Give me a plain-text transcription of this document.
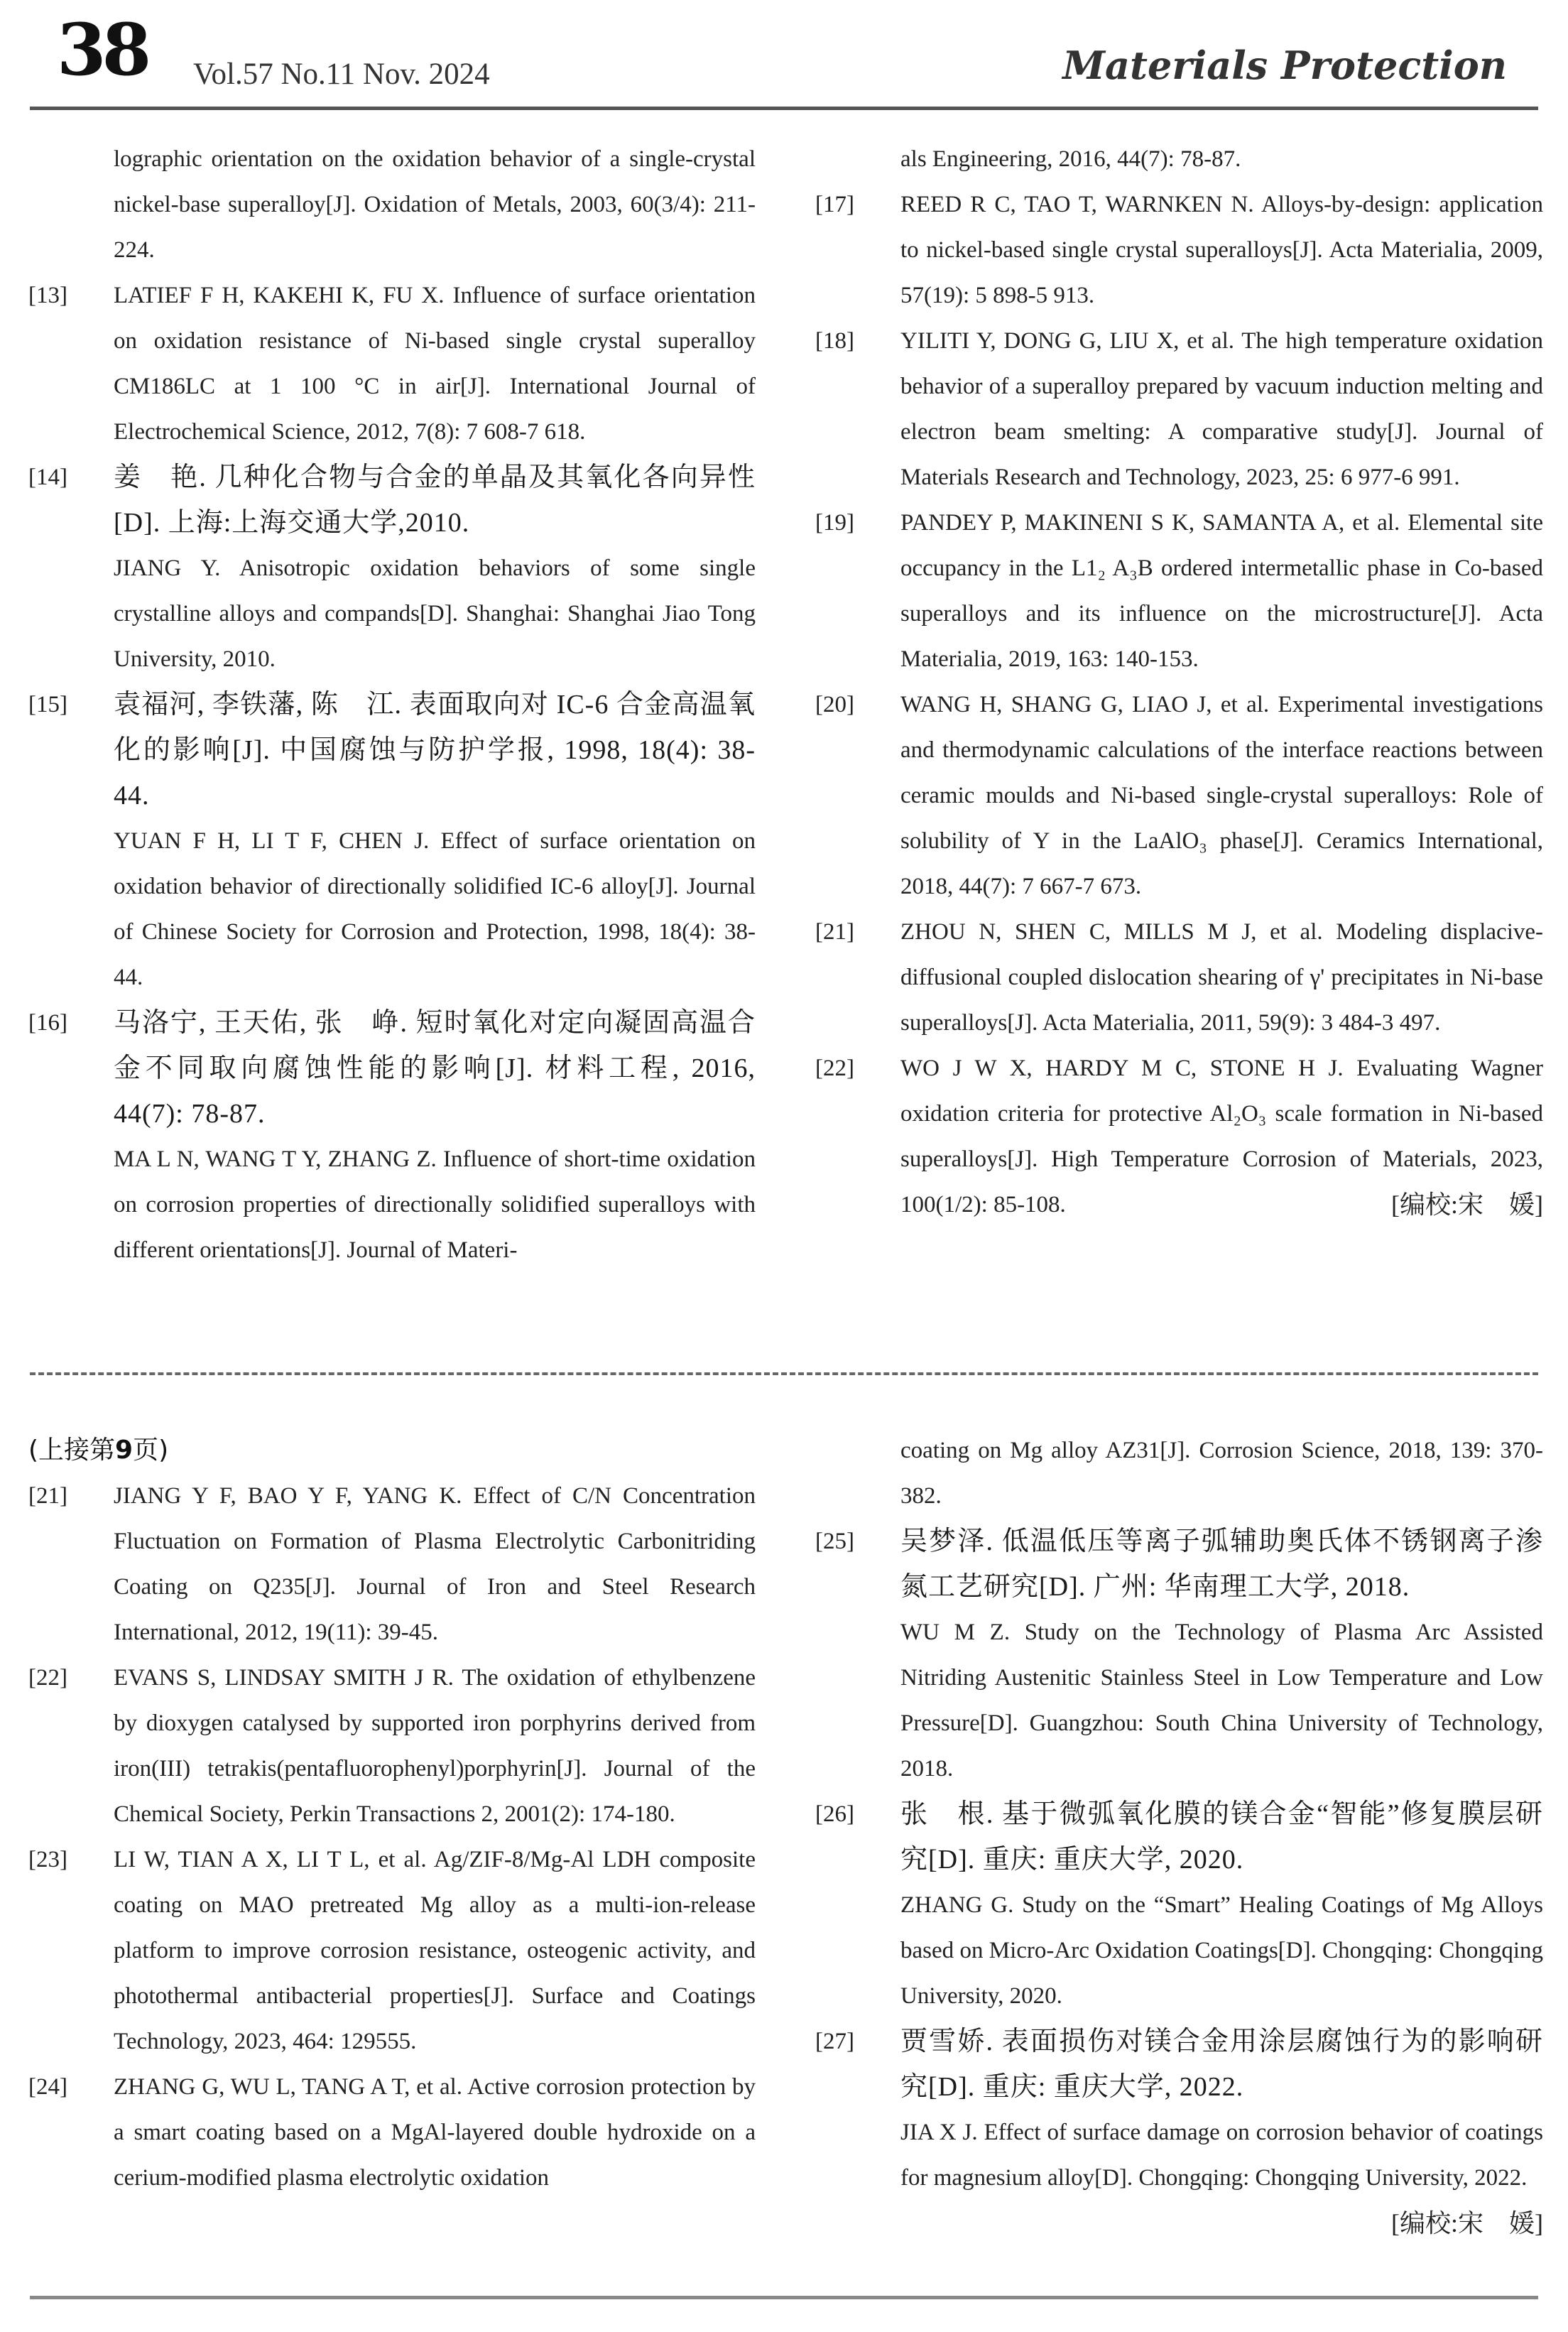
38 Vol.57 No.11 Nov. 2024	Materials Protection
lographic orientation on the oxidation behavior of a single-crystal nickel-base superalloy[J]. Oxidation of Metals, 2003, 60(3/4): 211-224.
[13] LATIEF F H, KAKEHI K, FU X. Influence of surface orientation on oxidation resistance of Ni-based single crystal superalloy CM186LC at 1 100 °C in air[J]. International Journal of Electrochemical Science, 2012, 7(8): 7 608-7 618.
[14] 姜　艳. 几种化合物与合金的单晶及其氧化各向异性[D]. 上海:上海交通大学,2010.
JIANG Y. Anisotropic oxidation behaviors of some single crystalline alloys and compands[D]. Shanghai: Shanghai Jiao Tong University, 2010.
[15] 袁福河, 李铁藩, 陈　江. 表面取向对 IC-6 合金高温氧化的影响[J]. 中国腐蚀与防护学报, 1998, 18(4): 38-44.
YUAN F H, LI T F, CHEN J. Effect of surface orientation on oxidation behavior of directionally solidified IC-6 alloy[J]. Journal of Chinese Society for Corrosion and Protection, 1998, 18(4): 38-44.
[16] 马洛宁, 王天佑, 张　峥. 短时氧化对定向凝固高温合金不同取向腐蚀性能的影响[J]. 材料工程, 2016, 44(7): 78-87.
MA L N, WANG T Y, ZHANG Z. Influence of short-time oxidation on corrosion properties of directionally solidified superalloys with different orientations[J]. Journal of Materi-
als Engineering, 2016, 44(7): 78-87.
[17] REED R C, TAO T, WARNKEN N. Alloys-by-design: application to nickel-based single crystal superalloys[J]. Acta Materialia, 2009, 57(19): 5 898-5 913.
[18] YILITI Y, DONG G, LIU X, et al. The high temperature oxidation behavior of a superalloy prepared by vacuum induction melting and electron beam smelting: A comparative study[J]. Journal of Materials Research and Technology, 2023, 25: 6 977-6 991.
[19] PANDEY P, MAKINENI S K, SAMANTA A, et al. Elemental site occupancy in the L1₂ A₃B ordered intermetallic phase in Co-based superalloys and its influence on the microstructure[J]. Acta Materialia, 2019, 163: 140-153.
[20] WANG H, SHANG G, LIAO J, et al. Experimental investigations and thermodynamic calculations of the interface reactions between ceramic moulds and Ni-based single-crystal superalloys: Role of solubility of Y in the LaAlO₃ phase[J]. Ceramics International, 2018, 44(7): 7 667-7 673.
[21] ZHOU N, SHEN C, MILLS M J, et al. Modeling displacive-diffusional coupled dislocation shearing of γ' precipitates in Ni-base superalloys[J]. Acta Materialia, 2011, 59(9): 3 484-3 497.
[22] WO J W X, HARDY M C, STONE H J. Evaluating Wagner oxidation criteria for protective Al₂O₃ scale formation in Ni-based superalloys[J]. High Temperature Corrosion of Materials, 2023, 100(1/2): 85-108.	[编校:宋　媛]
(上接第9页)
[21] JIANG Y F, BAO Y F, YANG K. Effect of C/N Concentration Fluctuation on Formation of Plasma Electrolytic Carbonitriding Coating on Q235[J]. Journal of Iron and Steel Research International, 2012, 19(11): 39-45.
[22] EVANS S, LINDSAY SMITH J R. The oxidation of ethylbenzene by dioxygen catalysed by supported iron porphyrins derived from iron(III) tetrakis(pentafluorophenyl)porphyrin[J]. Journal of the Chemical Society, Perkin Transactions 2, 2001(2): 174-180.
[23] LI W, TIAN A X, LI T L, et al. Ag/ZIF-8/Mg-Al LDH composite coating on MAO pretreated Mg alloy as a multi-ion-release platform to improve corrosion resistance, osteogenic activity, and photothermal antibacterial properties[J]. Surface and Coatings Technology, 2023, 464: 129555.
[24] ZHANG G, WU L, TANG A T, et al. Active corrosion protection by a smart coating based on a MgAl-layered double hydroxide on a cerium-modified plasma electrolytic oxidation
coating on Mg alloy AZ31[J]. Corrosion Science, 2018, 139: 370-382.
[25] 吴梦泽. 低温低压等离子弧辅助奥氏体不锈钢离子渗氮工艺研究[D]. 广州: 华南理工大学, 2018.
WU M Z. Study on the Technology of Plasma Arc Assisted Nitriding Austenitic Stainless Steel in Low Temperature and Low Pressure[D]. Guangzhou: South China University of Technology, 2018.
[26] 张　根. 基于微弧氧化膜的镁合金“智能”修复膜层研究[D]. 重庆: 重庆大学, 2020.
ZHANG G. Study on the “Smart” Healing Coatings of Mg Alloys based on Micro-Arc Oxidation Coatings[D]. Chongqing: Chongqing University, 2020.
[27] 贾雪娇. 表面损伤对镁合金用涂层腐蚀行为的影响研究[D]. 重庆: 重庆大学, 2022.
JIA X J. Effect of surface damage on corrosion behavior of coatings for magnesium alloy[D]. Chongqing: Chongqing University, 2022.
[编校:宋　媛]
